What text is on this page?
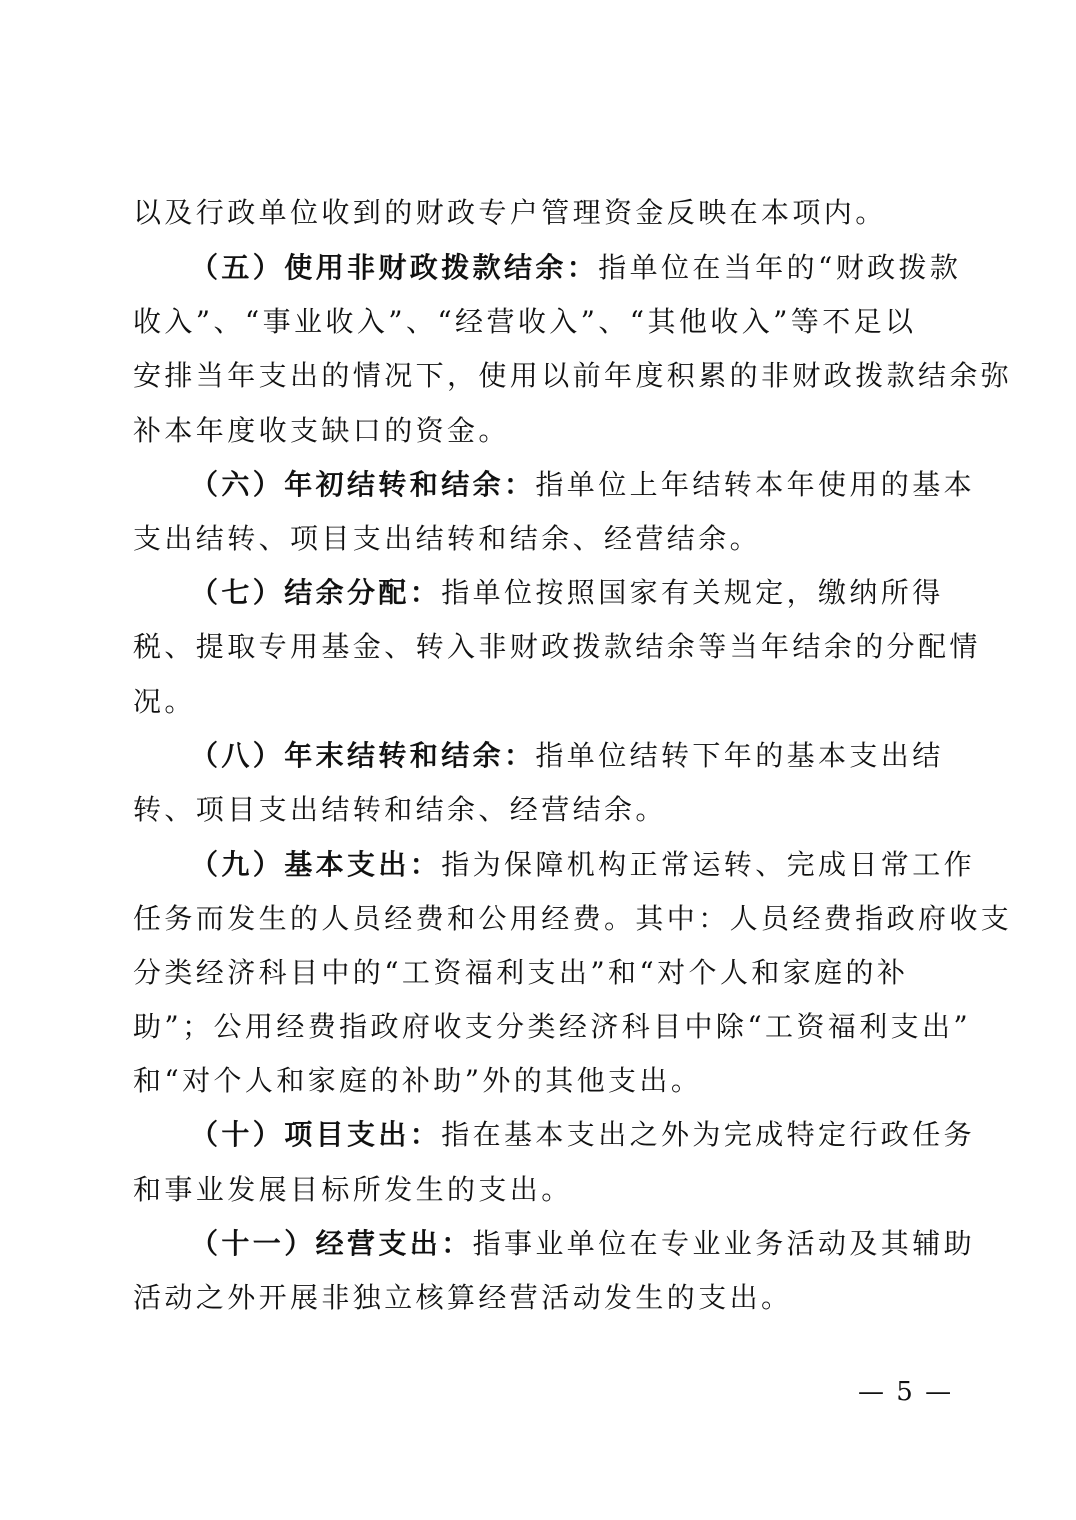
以及行政单位收到的财政专户管理资金反映在本项内。
（五）使用非财政拨款结余：指单位在当年的“财政拨款
收入”、“事业收入”、“经营收入”、“其他收入”等不足以
安排当年支出的情况下，使用以前年度积累的非财政拨款结余弥
补本年度收支缺口的资金。
（六）年初结转和结余：指单位上年结转本年使用的基本
支出结转、项目支出结转和结余、经营结余。
（七）结余分配：指单位按照国家有关规定，缴纳所得
税、提取专用基金、转入非财政拨款结余等当年结余的分配情
况。
（八）年末结转和结余：指单位结转下年的基本支出结
转、项目支出结转和结余、经营结余。
（九）基本支出：指为保障机构正常运转、完成日常工作
任务而发生的人员经费和公用经费。其中：人员经费指政府收支
分类经济科目中的“工资福利支出”和“对个人和家庭的补
助”；公用经费指政府收支分类经济科目中除“工资福利支出”
和“对个人和家庭的补助”外的其他支出。
（十）项目支出：指在基本支出之外为完成特定行政任务
和事业发展目标所发生的支出。
（十一）经营支出：指事业单位在专业业务活动及其辅助
活动之外开展非独立核算经营活动发生的支出。
— 5 —
